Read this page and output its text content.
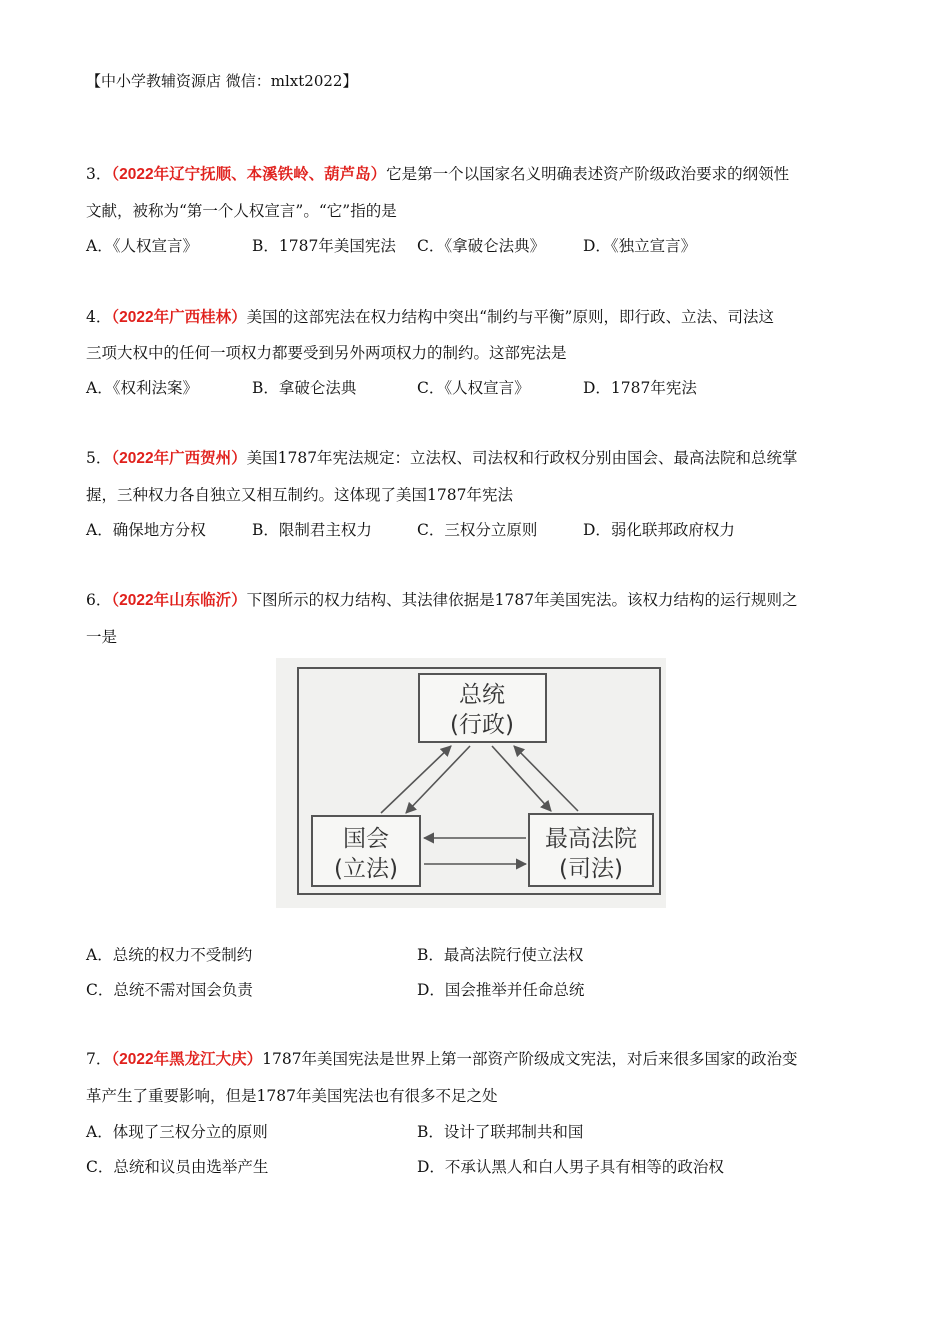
【中小学教辅资源店 微信：mlxt2022】
3．（2022年辽宁抚顺、本溪铁岭、葫芦岛）它是第一个以国家名义明确表述资产阶级政治要求的纲领性
文献，被称为“第一个人权宣言”。“它”指的是
A．《人权宣言》	B．1787年美国宪法 C．《拿破仑法典》 D．《独立宣言》
4．（2022年广西桂林）美国的这部宪法在权力结构中突出“制约与平衡”原则，即行政、立法、司法这
三项大权中的任何一项权力都要受到另外两项权力的制约。这部宪法是
A．《权利法案》	B．拿破仑法典	C．《人权宣言》	D．1787年宪法
5．（2022年广西贺州）美国1787年宪法规定：立法权、司法权和行政权分别由国会、最高法院和总统掌
握，三种权力各自独立又相互制约。这体现了美国1787年宪法
A．确保地方分权	B．限制君主权力	C．三权分立原则	D．弱化联邦政府权力
6．（2022年山东临沂）下图所示的权力结构、其法律依据是1787年美国宪法。该权力结构的运行规则之
一是
总统
(行政)
国会
(立法)
最高法院
(司法)
A．总统的权力不受制约	B．最高法院行使立法权
C．总统不需对国会负责	D．国会推举并任命总统
7．（2022年黑龙江大庆）1787年美国宪法是世界上第一部资产阶级成文宪法，对后来很多国家的政治变
革产生了重要影响，但是1787年美国宪法也有很多不足之处
A．体现了三权分立的原则	B．设计了联邦制共和国
C．总统和议员由选举产生	D．不承认黑人和白人男子具有相等的政治权
